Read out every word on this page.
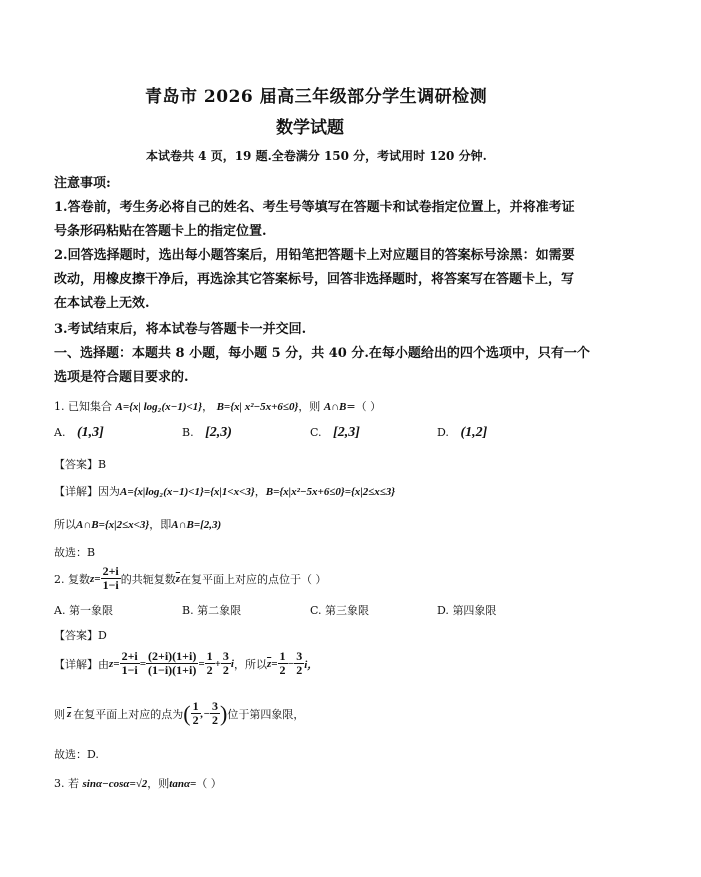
青岛市 2026 届高三年级部分学生调研检测
数学试题
本试卷共 4 页，19 题.全卷满分 150 分，考试用时 120 分钟.
注意事项:
1.答卷前，考生务必将自己的姓名、考生号等填写在答题卡和试卷指定位置上，并将准考证
号条形码粘贴在答题卡上的指定位置.
2.回答选择题时，选出每小题答案后，用铅笔把答题卡上对应题目的答案标号涂黑：如需要
改动，用橡皮擦干净后，再选涂其它答案标号，回答非选择题时，将答案写在答题卡上，写
在本试卷上无效.
3.考试结束后，将本试卷与答题卡一并交回.
一、选择题：本题共 8 小题，每小题 5 分，共 40 分.在每小题给出的四个选项中，只有一个
选项是符合题目要求的.
1. 已知集合 A={x| log₂(x−1)<1}， B={x| x²−5x+6≤0}，则 A∩B=（ ）
A. (1,3]	B. [2,3)	C. [2,3]	D. (1,2]
【答案】B
【详解】因为A={x|log₂(x−1)<1}={x|1<x<3}，B={x|x²−5x+6≤0}={x|2≤x≤3}
所以A∩B={x|2≤x<3}，即A∩B=[2,3)
故选：B
2. 复数 $z= \frac{2+i}{1-i}$ 的共轭复数 $\overline{z}$ 在复平面上对应的点位于（ ）
A. 第一象限	B. 第二象限	C. 第三象限	D. 第四象限
【答案】D
【详解】由 $z= \frac{2+i}{1-i} = \frac{(2+i)(1+i)}{(1-i)(1+i)} = \frac{1}{2} + \frac{3}{2}$ i ，所以 $\overline{z} = \frac{1}{2} - \frac{3}{2}$ i，
则 $\overline{z}$ 在复平面上对应的点为 ( $\frac{1}{2}$ ,− $\frac{3}{2}$ ) 位于第四象限，
故选：D.
3. 若 sinα−cosα=√2，则tanα=（ ）
